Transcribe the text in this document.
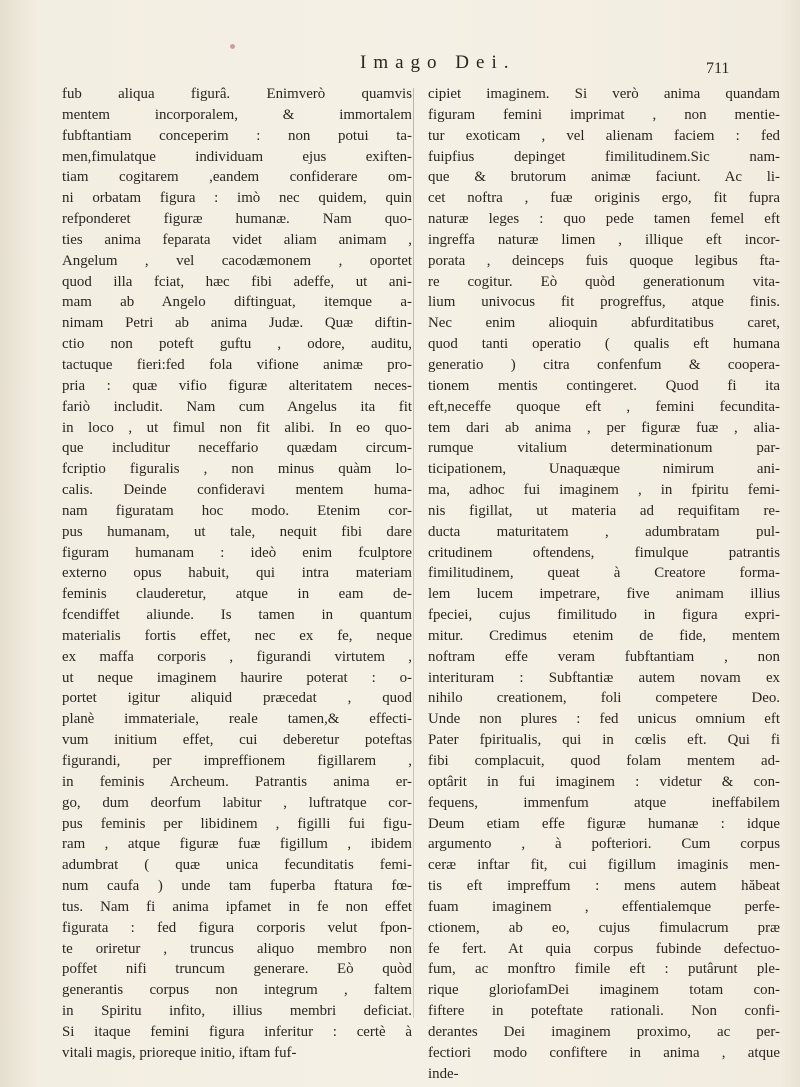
Imago Dei.	711
fub aliqua figurâ. Enimverò quamvis
mentem incorporalem, & immortalem
fubftantiam conceperim : non potui ta-
men,fimulatque individuam ejus exiften-
tiam cogitarem ,eandem confiderare om-
ni orbatam figura : imò nec quidem, quin
refponderet figuræ humanæ. Nam quo-
ties anima feparata videt aliam animam ,
Angelum , vel cacodæmonem , oportet
quod illa fciat, hæc fibi adeffe, ut ani-
mam ab Angelo diftinguat, itemque a-
nimam Petri ab anima Judæ. Quæ diftin-
ctio non poteft guftu , odore, auditu,
tactuque fieri:fed fola vifione animæ pro-
pria : quæ vifio figuræ alteritatem neces-
fariò includit. Nam cum Angelus ita fit
in loco , ut fimul non fit alibi. In eo quo-
que includitur neceffario quædam circum-
fcriptio figuralis , non minus quàm lo-
calis. Deinde confideravi mentem huma-
nam figuratam hoc modo. Etenim cor-
pus humanam, ut tale, nequit fibi dare
figuram humanam : ideò enim fculptore
externo opus habuit, qui intra materiam
feminis clauderetur, atque in eam de-
fcendiffet aliunde. Is tamen in quantum
materialis fortis effet, nec ex fe, neque
ex maffa corporis , figurandi virtutem ,
ut neque imaginem haurire poterat : o-
portet igitur aliquid præcedat , quod
planè immateriale, reale tamen,& effecti-
vum initium effet, cui deberetur poteftas
figurandi, per impreffionem figillarem ,
in feminis Archeum. Patrantis anima er-
go, dum deorfum labitur , luftratque cor-
pus feminis per libidinem , figilli fui figu-
ram , atque figuræ fuæ figillum , ibidem
adumbrat ( quæ unica fecunditatis femi-
num caufa ) unde tam fuperba ftatura fœ-
tus. Nam fi anima ipfamet in fe non effet
figurata : fed figura corporis velut fpon-
te oriretur , truncus aliquo membro non
poffet nifi truncum generare. Eò quòd
generantis corpus non integrum , faltem
in Spiritu infito, illius membri deficiat.
Si itaque femini figura inferitur : certè à
vitali magis, prioreque initio, iftam fuf-
cipiet imaginem. Si verò anima quandam
figuram femini imprimat , non mentie-
tur exoticam , vel alienam faciem : fed
fuipfius depinget fimilitudinem.Sic nam-
que & brutorum animæ faciunt. Ac li-
cet noftra , fuæ originis ergo, fit fupra
naturæ leges : quo pede tamen femel eft
ingreffa naturæ limen , illique eft incor-
porata , deinceps fuis quoque legibus fta-
re cogitur. Eò quòd generationum vita-
lium univocus fit progreffus, atque finis.
Nec enim alioquin abfurditatibus caret,
quod tanti operatio ( qualis eft humana
generatio ) citra confenfum & coopera-
tionem mentis contingeret. Quod fi ita
eft,neceffe quoque eft , femini fecundita-
tem dari ab anima , per figuræ fuæ , alia-
rumque vitalium determinationum par-
ticipationem, Unaquæque nimirum ani-
ma, adhoc fui imaginem , in fpiritu femi-
nis figillat, ut materia ad requifitam re-
ducta maturitatem , adumbratam pul-
critudinem oftendens, fimulque patrantis
fimilitudinem, queat à Creatore forma-
lem lucem impetrare, five animam illius
fpeciei, cujus fimilitudo in figura expri-
mitur. Credimus etenim de fide, mentem
noftram effe veram fubftantiam , non
interituram : Subftantiæ autem novam ex
nihilo creationem, foli competere Deo.
Unde non plures : fed unicus omnium eft
Pater fpiritualis, qui in cœlis eft. Qui fi
fibi complacuit, quod folam mentem ad-
optârit in fui imaginem : videtur & con-
fequens, immenfum atque ineffabilem
Deum etiam effe figuræ humanæ : idque
argumento , à pofteriori. Cum corpus
ceræ inftar fit, cui figillum imaginis men-
tis eft impreffum : mens autem hăbeat
fuam imaginem , effentialemque perfe-
ctionem, ab eo, cujus fimulacrum præ
fe fert. At quia corpus fubinde defectuo-
fum, ac monftro fimile eft : putârunt ple-
rique gloriofamDei imaginem totam con-
fiftere in poteftate rationali. Non confi-
derantes Dei imaginem proximo, ac per-
fectiori modo confiftere in anima , atque
inde-
